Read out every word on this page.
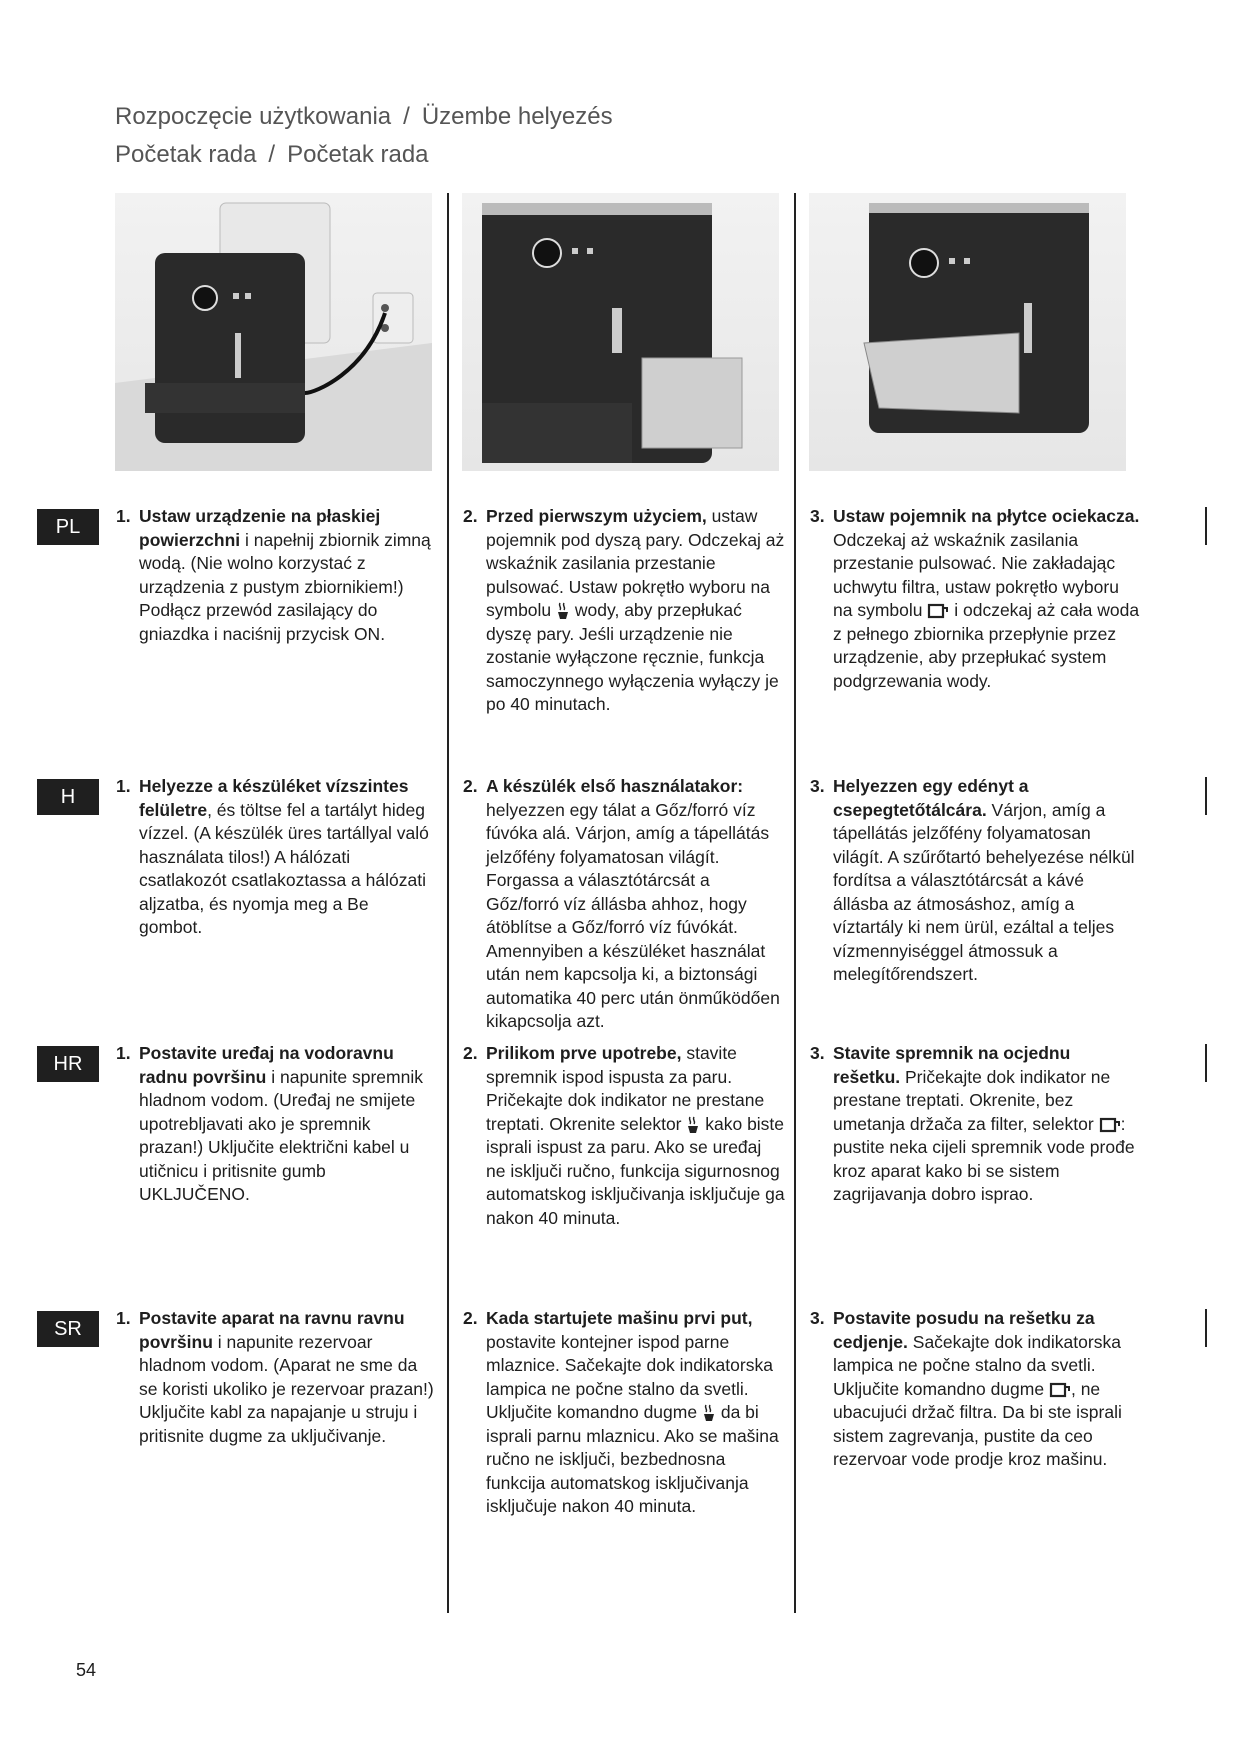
Rozpoczęcie użytkowania / Üzembe helyezés
Početak rada / Početak rada
PL
H
HR
SR
1. Ustaw urządzenie na płaskiej powierzchni i napełnij zbiornik zimną wodą. (Nie wolno korzystać z urządzenia z pustym zbiornikiem!) Podłącz przewód zasilający do gniazdka i naciśnij przycisk ON.
2. Przed pierwszym użyciem, ustaw pojemnik pod dyszą pary. Odczekaj aż wskaźnik zasilania przestanie pulsować. Ustaw pokrętło wyboru na symbolu  wody, aby przepłukać dyszę pary. Jeśli urządzenie nie zostanie wyłączone ręcznie, funkcja samoczynnego wyłączenia wyłączy je po 40 minutach.
3. Ustaw pojemnik na płytce ociekacza. Odczekaj aż wskaźnik zasilania przestanie pulsować. Nie zakładając uchwytu filtra, ustaw pokrętło wyboru na symbolu  i odczekaj aż cała woda z pełnego zbiornika przepłynie przez urządzenie, aby przepłukać system podgrzewania wody.
1. Helyezze a készüléket vízszintes felületre, és töltse fel a tartályt hideg vízzel. (A készülék üres tartállyal való használata tilos!) A hálózati csatlakozót csatlakoztassa a hálózati aljzatba, és nyomja meg a Be gombot.
2. A készülék első használatakor: helyezzen egy tálat a Gőz/forró víz fúvóka alá. Várjon, amíg a tápellátás jelzőfény folyamatosan világít. Forgassa a választótárcsát a Gőz/forró víz állásba ahhoz, hogy átöblítse a Gőz/forró víz fúvókát. Amennyiben a készüléket használat után nem kapcsolja ki, a biztonsági automatika 40 perc után önműködően kikapcsolja azt.
3. Helyezzen egy edényt a csepegtetőtálcára. Várjon, amíg a tápellátás jelzőfény folyamatosan világít. A szűrőtartó behelyezése nélkül fordítsa a választótárcsát a kávé állásba az átmosáshoz, amíg a víztartály ki nem ürül, ezáltal a teljes vízmennyiséggel átmossuk a melegítőrendszert.
1. Postavite uređaj na vodoravnu radnu površinu i napunite spremnik hladnom vodom. (Uređaj ne smijete upotrebljavati ako je spremnik prazan!) Uključite električni kabel u utičnicu i pritisnite gumb UKLJUČENO.
2. Prilikom prve upotrebe, stavite spremnik ispod ispusta za paru. Pričekajte dok indikator ne prestane treptati. Okrenite selektor  kako biste isprali ispust za paru. Ako se uređaj ne isključi ručno, funkcija sigurnosnog automatskog isključivanja isključuje ga nakon 40 minuta.
3. Stavite spremnik na ocjednu rešetku. Pričekajte dok indikator ne prestane treptati. Okrenite, bez umetanja držača za filter, selektor : pustite neka cijeli spremnik vode prođe kroz aparat kako bi se sistem zagrijavanja dobro isprao.
1. Postavite aparat na ravnu ravnu površinu i napunite rezervoar hladnom vodom. (Aparat ne sme da se koristi ukoliko je rezervoar prazan!) Uključite kabl za napajanje u struju i pritisnite dugme za uključivanje.
2. Kada startujete mašinu prvi put, postavite kontejner ispod parne mlaznice. Sačekajte dok indikatorska lampica ne počne stalno da svetli. Uključite komandno dugme  da bi isprali parnu mlaznicu. Ako se mašina ručno ne isključi, bezbednosna funkcija automatskog isključivanja isključuje nakon 40 minuta.
3. Postavite posudu na rešetku za cedjenje. Sačekajte dok indikatorska lampica ne počne stalno da svetli. Uključite komandno dugme , ne ubacujući držač filtra. Da bi ste isprali sistem zagrevanja, pustite da ceo rezervoar vode prodje kroz mašinu.
54
